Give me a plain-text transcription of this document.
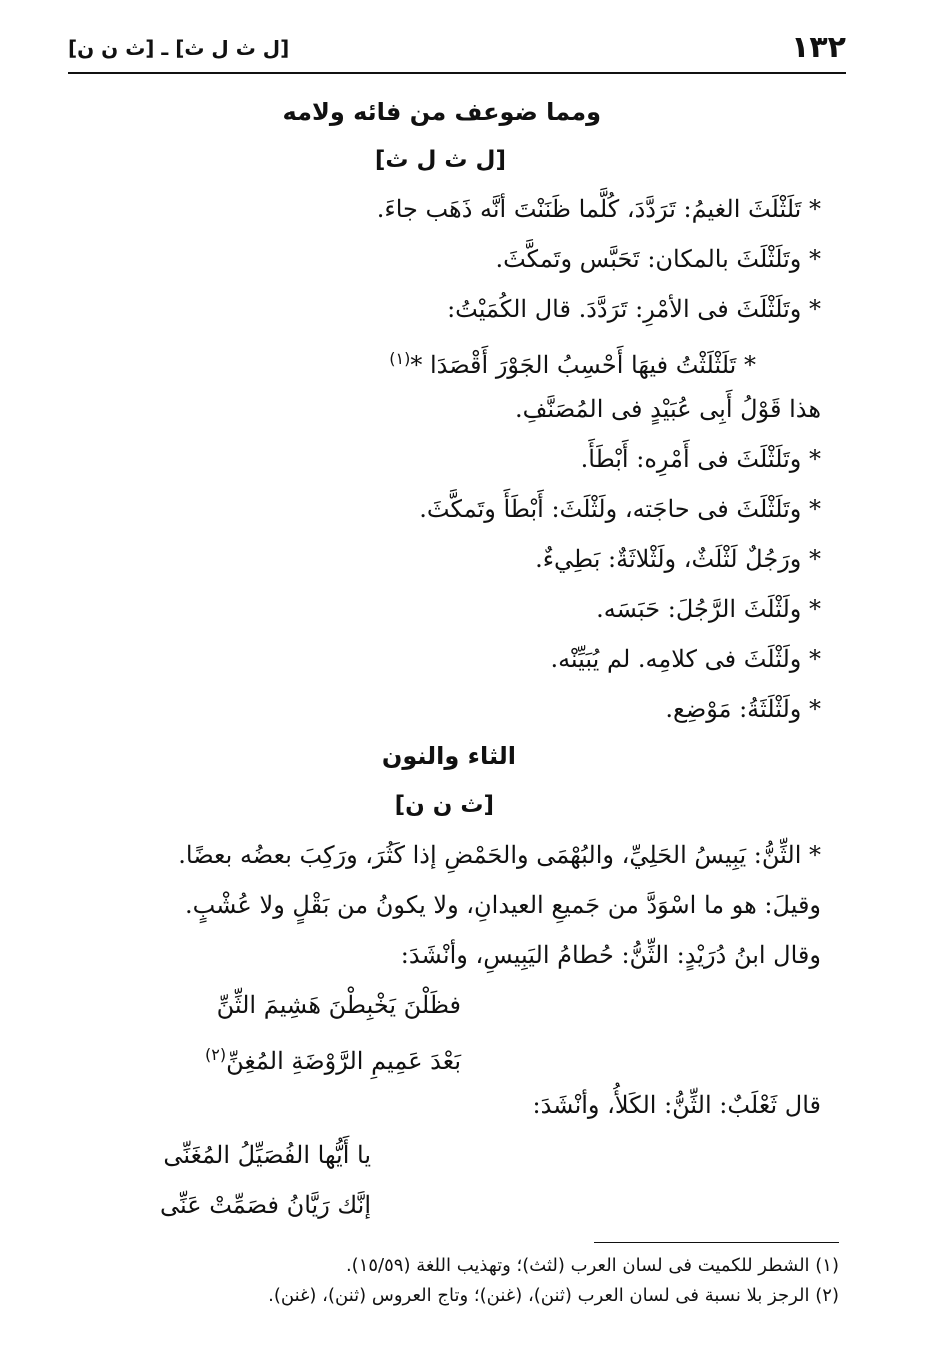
١٣٢
[ل ث ل ث] ـ [ث ن ن]
ومما ضوعف من فائه ولامه
[ل ث ل ث]
* تَلَثْلَثَ الغيمُ: تَرَدَّدَ، كُلَّما ظَنَنْتَ أنَّه ذَهَب جاءَ.
* وتَلَثْلَثَ بالمكان: تَحَبَّس وتَمكَّثَ.
* وتَلَثْلَثَ فى الأمْرِ: تَرَدَّدَ. قال الكُمَيْتُ:
* تَلَثْلَثْتُ فيهَا أَحْسِبُ الجَوْرَ أَقْصَدَا *$^{(١)}$
هذا قَوْلُ أَبِى عُبَيْدٍ فى المُصَنَّفِ.
* وتَلَثْلَثَ فى أَمْرِه: أَبْطَأَ.
* وتَلَثْلَثَ فى حاجَته، ولَثْلَثَ: أَبْطَأَ وتَمكَّثَ.
* ورَجُلٌ لَثْلَثٌ، ولَثْلاثَةٌ: بَطِيءٌ.
* ولَثْلَثَ الرَّجُلَ: حَبَسَه.
* ولَثْلَثَ فى كلامِه. لم يُبَيِّنْه.
* ولَثْلَثَةُ: مَوْضِع.
الثاء والنون
[ث ن ن]
* الثِّنُّ: يَبِيسُ الحَلِيِّ، والبُهْمَى والحَمْضِ إذا كَثُرَ، ورَكِبَ بعضُه بعضًا.
وقيلَ: هو ما اسْوَدَّ من جَميعِ العيدانِ، ولا يكونُ من بَقْلٍ ولا عُشْبٍ.
وقال ابنُ دُرَيْدٍ: الثِّنُّ: حُطامُ اليَبِيسِ، وأنْشَدَ:
فظَلْنَ يَخْبِطْنَ هَشِيمَ الثِّنِّ
بَعْدَ عَمِيمِ الرَّوْضَةِ المُغِنِّ$^{(٢)}$
قال ثَعْلَبٌ: الثِّنُّ: الكَلأُ، وأنْشَدَ:
يا أَيُّها الفُصَيِّلُ المُغَنِّى
إنَّك رَيَّانُ فصَمِّتْ عَنِّى
(١) الشطر للكميت فى لسان العرب (لثث)؛ وتهذيب اللغة (١٥/٥٩).
(٢) الرجز بلا نسبة فى لسان العرب (ثنن)، (غنن)؛ وتاج العروس (ثنن)، (غنن).
